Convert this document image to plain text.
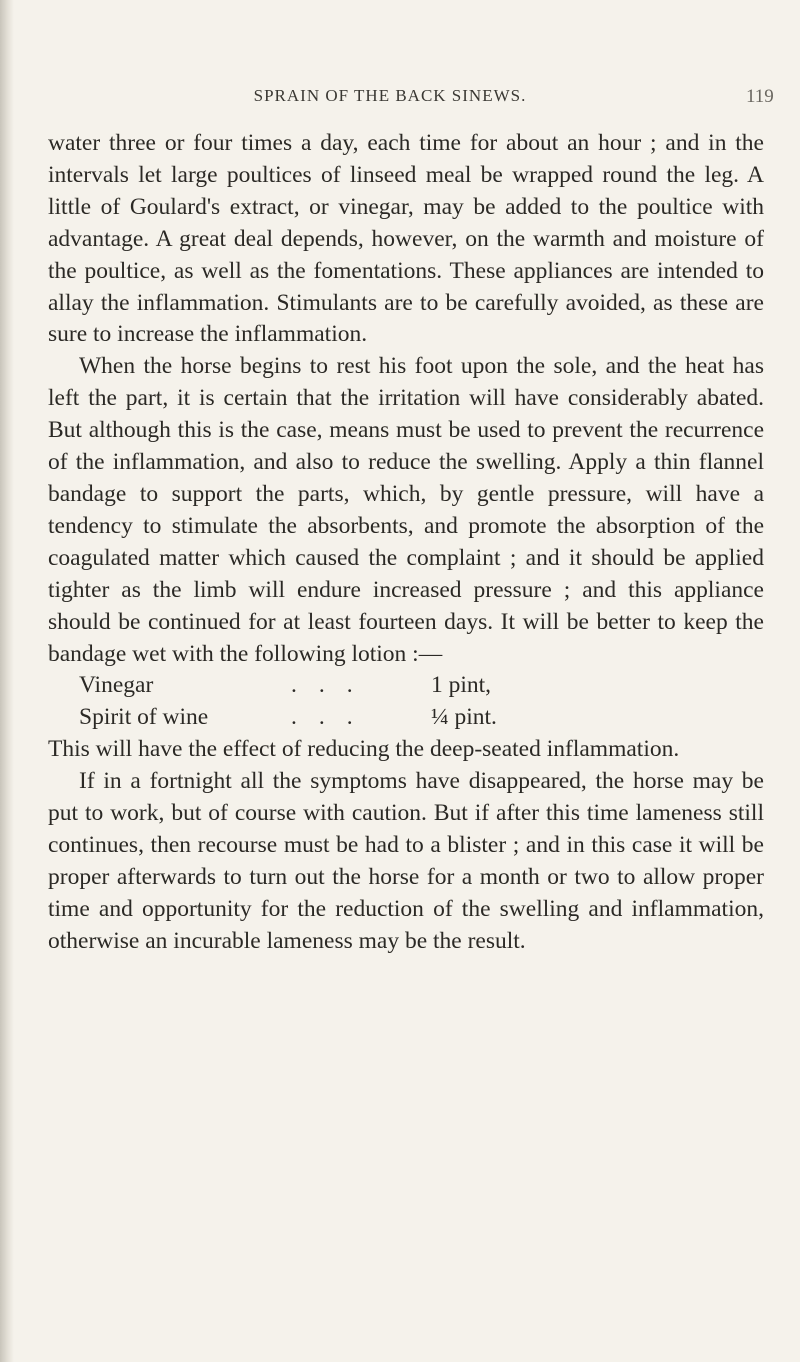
SPRAIN OF THE BACK SINEWS.	119

water three or four times a day, each time for about an hour ; and in the intervals let large poultices of linseed meal be wrapped round the leg. A little of Goulard's extract, or vinegar, may be added to the poultice with advantage. A great deal depends, however, on the warmth and moisture of the poultice, as well as the fomentations. These appliances are intended to allay the inflammation. Stimulants are to be carefully avoided, as these are sure to increase the inflammation.

When the horse begins to rest his foot upon the sole, and the heat has left the part, it is certain that the irritation will have considerably abated. But although this is the case, means must be used to prevent the recurrence of the inflammation, and also to reduce the swelling. Apply a thin flannel bandage to support the parts, which, by gentle pressure, will have a tendency to stimulate the absorbents, and promote the absorption of the coagulated matter which caused the complaint ; and it should be applied tighter as the limb will endure increased pressure ; and this appliance should be continued for at least fourteen days. It will be better to keep the bandage wet with the following lotion :—

Vinegar	...	1 pint,
Spirit of wine	...	¼ pint.

This will have the effect of reducing the deep-seated inflammation.

If in a fortnight all the symptoms have disappeared, the horse may be put to work, but of course with caution. But if after this time lameness still continues, then recourse must be had to a blister ; and in this case it will be proper afterwards to turn out the horse for a month or two to allow proper time and opportunity for the reduction of the swelling and inflammation, otherwise an incurable lameness may be the result.
